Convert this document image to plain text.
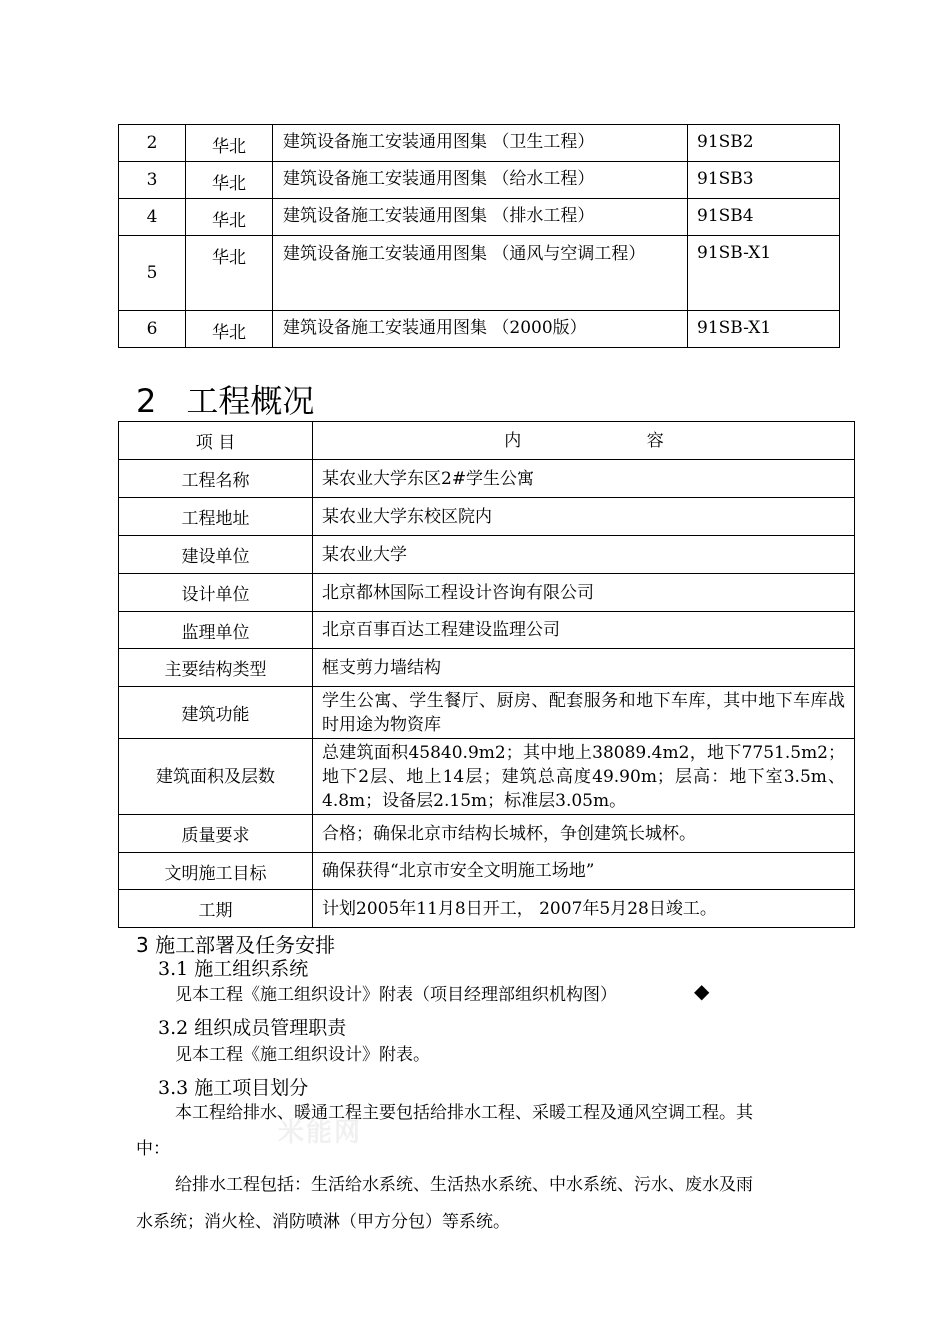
2	华北	建筑设备施工安装通用图集 （卫生工程）	91SB2
3	华北	建筑设备施工安装通用图集 （给水工程）	91SB3
4	华北	建筑设备施工安装通用图集 （排水工程）	91SB4
5	华北	建筑设备施工安装通用图集 （通风与空调工程）	91SB-X1
6	华北	建筑设备施工安装通用图集 （2000版）	91SB-X1
2 工程概况
项 目	内 容
工程名称	某农业大学东区2#学生公寓
工程地址	某农业大学东校区院内
建设单位	某农业大学
设计单位	北京都林国际工程设计咨询有限公司
监理单位	北京百事百达工程建设监理公司
主要结构类型	框支剪力墙结构
建筑功能	学生公寓、学生餐厅、厨房、配套服务和地下车库，其中地下车库战时用途为物资库
建筑面积及层数	总建筑面积45840.9m2；其中地上38089.4m2，地下7751.5m2；地下2层、地上14层；建筑总高度49.90m；层高：地下室3.5m、4.8m；设备层2.15m；标准层3.05m。
质量要求	合格；确保北京市结构长城杯，争创建筑长城杯。
文明施工目标	确保获得“北京市安全文明施工场地”
工期	计划2005年11月8日开工， 2007年5月28日竣工。
3 施工部署及任务安排
3.1 施工组织系统
见本工程《施工组织设计》附表（项目经理部组织机构图）	◆
3.2 组织成员管理职责
见本工程《施工组织设计》附表。
3.3 施工项目划分
本工程给排水、暖通工程主要包括给排水工程、采暖工程及通风空调工程。其
中：
给排水工程包括：生活给水系统、生活热水系统、中水系统、污水、废水及雨
水系统；消火栓、消防喷淋（甲方分包）等系统。
米能网
